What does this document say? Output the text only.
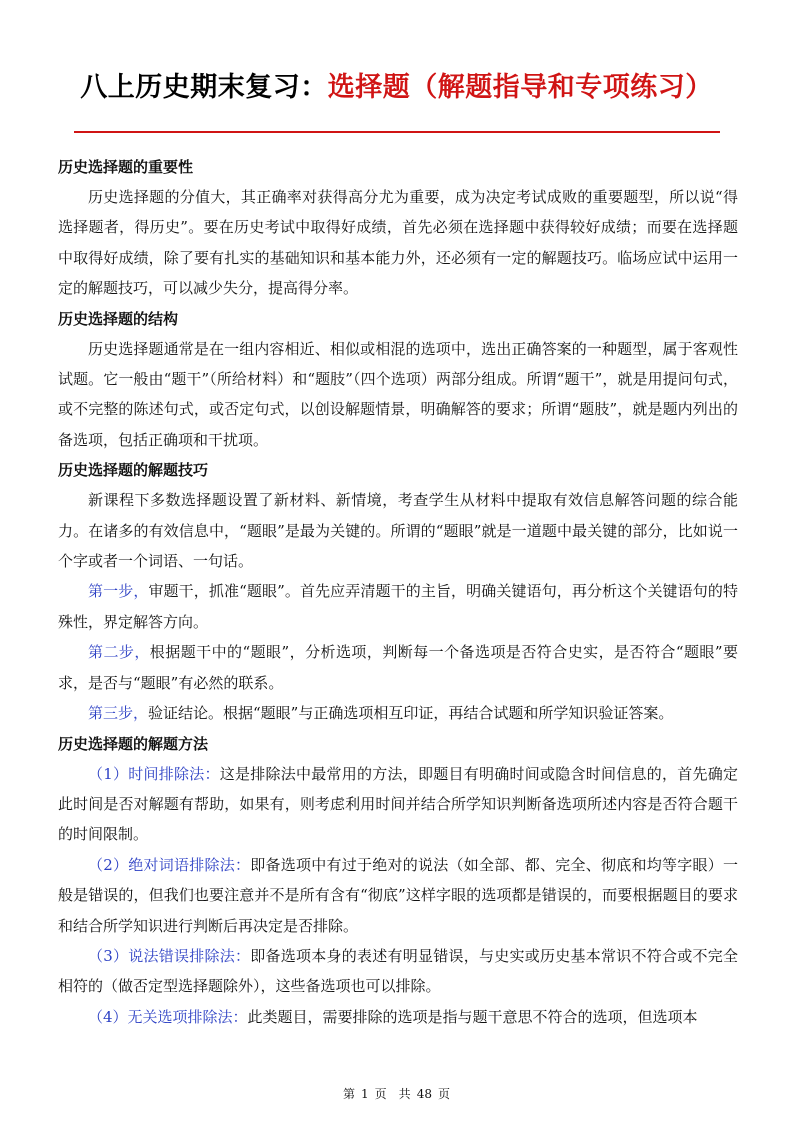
八上历史期末复习：选择题（解题指导和专项练习）

历史选择题的重要性

历史选择题的分值大，其正确率对获得高分尤为重要，成为决定考试成败的重要题型，所以说“得选择题者，得历史”。要在历史考试中取得好成绩，首先必须在选择题中获得较好成绩；而要在选择题中取得好成绩，除了要有扎实的基础知识和基本能力外，还必须有一定的解题技巧。临场应试中运用一定的解题技巧，可以减少失分，提高得分率。

历史选择题的结构

历史选择题通常是在一组内容相近、相似或相混的选项中，选出正确答案的一种题型，属于客观性试题。它一般由“题干”（所给材料）和“题肢”（四个选项）两部分组成。所谓“题干”，就是用提问句式，或不完整的陈述句式，或否定句式，以创设解题情景，明确解答的要求；所谓“题肢”，就是题内列出的备选项，包括正确项和干扰项。

历史选择题的解题技巧

新课程下多数选择题设置了新材料、新情境，考查学生从材料中提取有效信息解答问题的综合能力。在诸多的有效信息中，“题眼”是最为关键的。所谓的“题眼”就是一道题中最关键的部分，比如说一个字或者一个词语、一句话。

第一步，审题干，抓准“题眼”。首先应弄清题干的主旨，明确关键语句，再分析这个关键语句的特殊性，界定解答方向。

第二步，根据题干中的“题眼”，分析选项，判断每一个备选项是否符合史实，是否符合“题眼”要求，是否与“题眼”有必然的联系。

第三步，验证结论。根据“题眼”与正确选项相互印证，再结合试题和所学知识验证答案。

历史选择题的解题方法

（1）时间排除法：这是排除法中最常用的方法，即题目有明确时间或隐含时间信息的，首先确定此时间是否对解题有帮助，如果有，则考虑利用时间并结合所学知识判断备选项所述内容是否符合题干的时间限制。

（2）绝对词语排除法：即备选项中有过于绝对的说法（如全部、都、完全、彻底和均等字眼）一般是错误的，但我们也要注意并不是所有含有“彻底”这样字眼的选项都是错误的，而要根据题目的要求和结合所学知识进行判断后再决定是否排除。

（3）说法错误排除法：即备选项本身的表述有明显错误，与史实或历史基本常识不符合或不完全相符的（做否定型选择题除外），这些备选项也可以排除。

（4）无关选项排除法：此类题目，需要排除的选项是指与题干意思不符合的选项，但选项本

第 1 页　共 48 页
